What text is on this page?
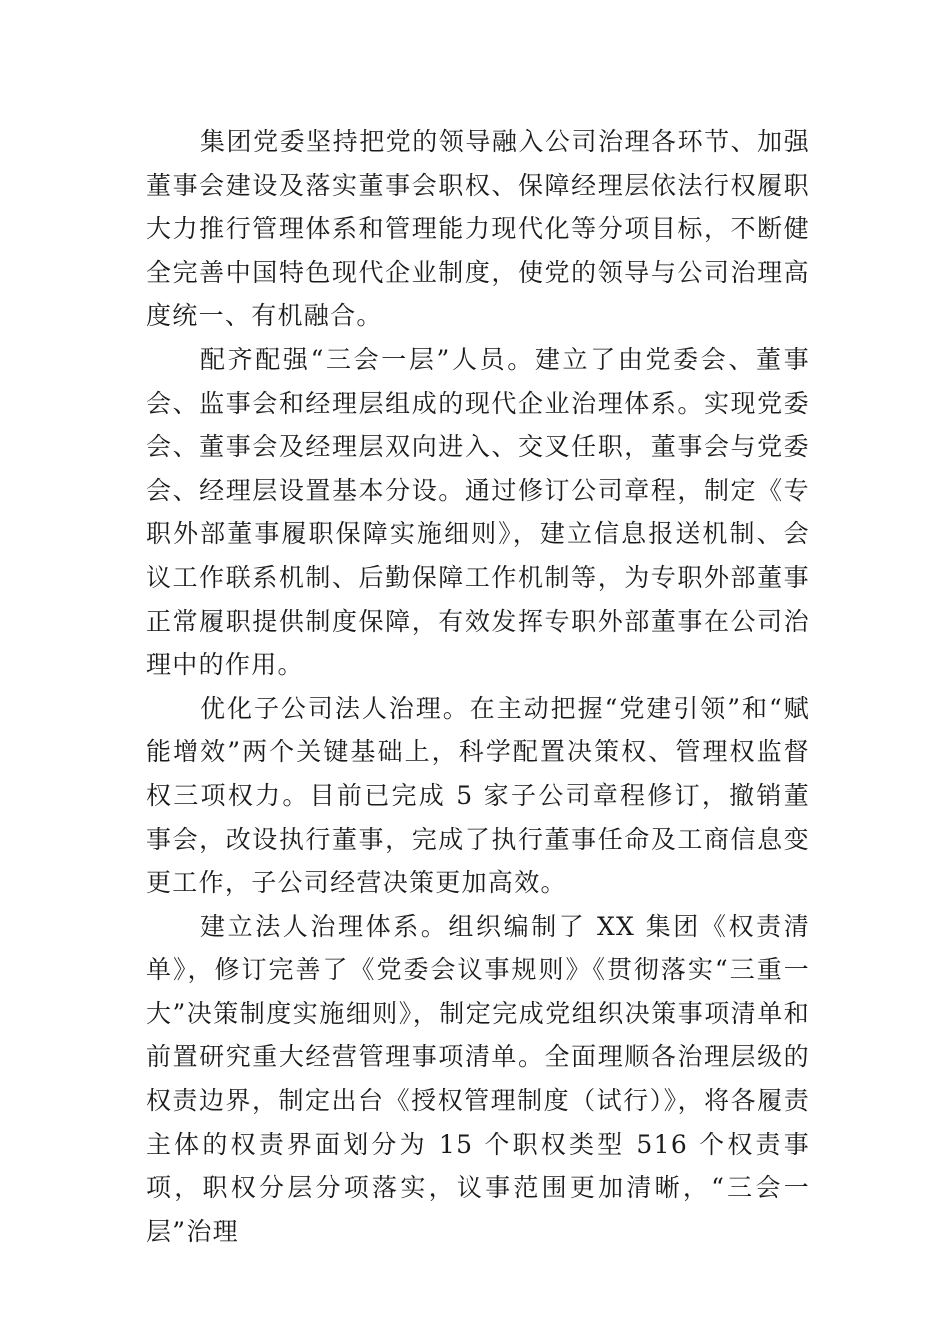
集团党委坚持把党的领导融入公司治理各环节、加强董事会建设及落实董事会职权、保障经理层依法行权履职大力推行管理体系和管理能力现代化等分项目标，不断健全完善中国特色现代企业制度，使党的领导与公司治理高度统一、有机融合。

配齐配强“三会一层”人员。建立了由党委会、董事会、监事会和经理层组成的现代企业治理体系。实现党委会、董事会及经理层双向进入、交叉任职，董事会与党委会、经理层设置基本分设。通过修订公司章程，制定《专职外部董事履职保障实施细则》，建立信息报送机制、会议工作联系机制、后勤保障工作机制等，为专职外部董事正常履职提供制度保障，有效发挥专职外部董事在公司治理中的作用。

优化子公司法人治理。在主动把握“党建引领”和“赋能增效”两个关键基础上，科学配置决策权、管理权监督权三项权力。目前已完成 5 家子公司章程修订，撤销董事会，改设执行董事，完成了执行董事任命及工商信息变更工作，子公司经营决策更加高效。

建立法人治理体系。组织编制了 XX 集团《权责清单》，修订完善了《党委会议事规则》《贯彻落实“三重一大”决策制度实施细则》，制定完成党组织决策事项清单和前置研究重大经营管理事项清单。全面理顺各治理层级的权责边界，制定出台《授权管理制度（试行）》，将各履责主体的权责界面划分为 15 个职权类型 516 个权责事项，职权分层分项落实，议事范围更加清晰，“三会一层”治理
